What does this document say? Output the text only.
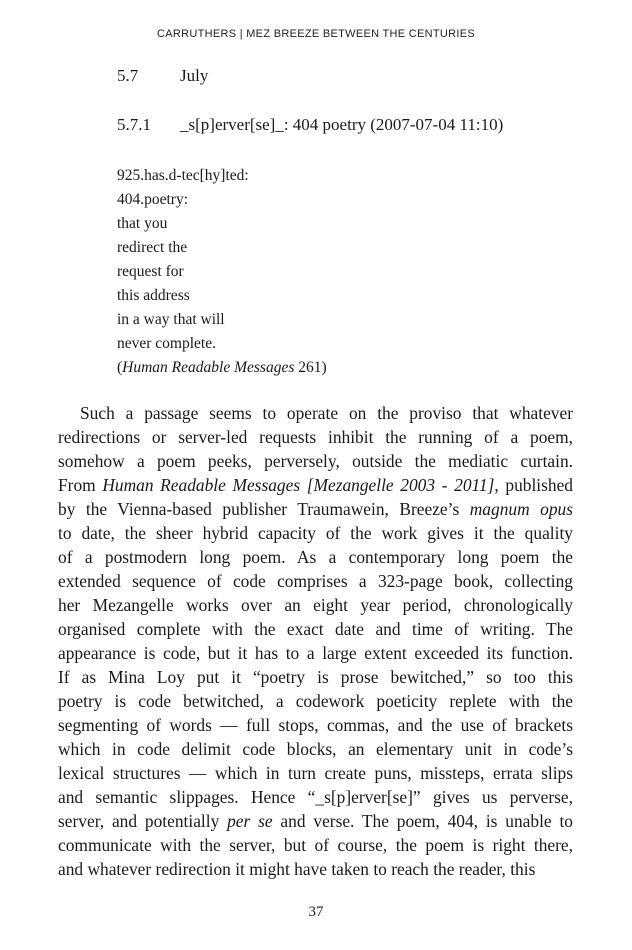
CARRUTHERS | MEZ BREEZE BETWEEN THE CENTURIES
5.7 July
5.7.1 _s[p]erver[se]_: 404 poetry (2007-07-04 11:10)
925.has.d-tec[hy]ted:
404.poetry:
that you
redirect the
request for
this address
in a way that will
never complete.
(Human Readable Messages 261)
Such a passage seems to operate on the proviso that whatever
redirections or server-led requests inhibit the running of a poem,
somehow a poem peeks, perversely, outside the mediatic curtain.
From Human Readable Messages [Mezangelle 2003 - 2011], published
by the Vienna-based publisher Traumawein, Breeze’s magnum opus
to date, the sheer hybrid capacity of the work gives it the quality
of a postmodern long poem. As a contemporary long poem the
extended sequence of code comprises a 323-page book, collecting
her Mezangelle works over an eight year period, chronologically
organised complete with the exact date and time of writing. The
appearance is code, but it has to a large extent exceeded its function.
If as Mina Loy put it “poetry is prose bewitched,” so too this
poetry is code betwitched, a codework poeticity replete with the
segmenting of words — full stops, commas, and the use of brackets
which in code delimit code blocks, an elementary unit in code’s
lexical structures — which in turn create puns, missteps, errata slips
and semantic slippages. Hence “_s[p]erver[se]” gives us perverse,
server, and potentially per se and verse. The poem, 404, is unable to
communicate with the server, but of course, the poem is right there,
and whatever redirection it might have taken to reach the reader, this
37
